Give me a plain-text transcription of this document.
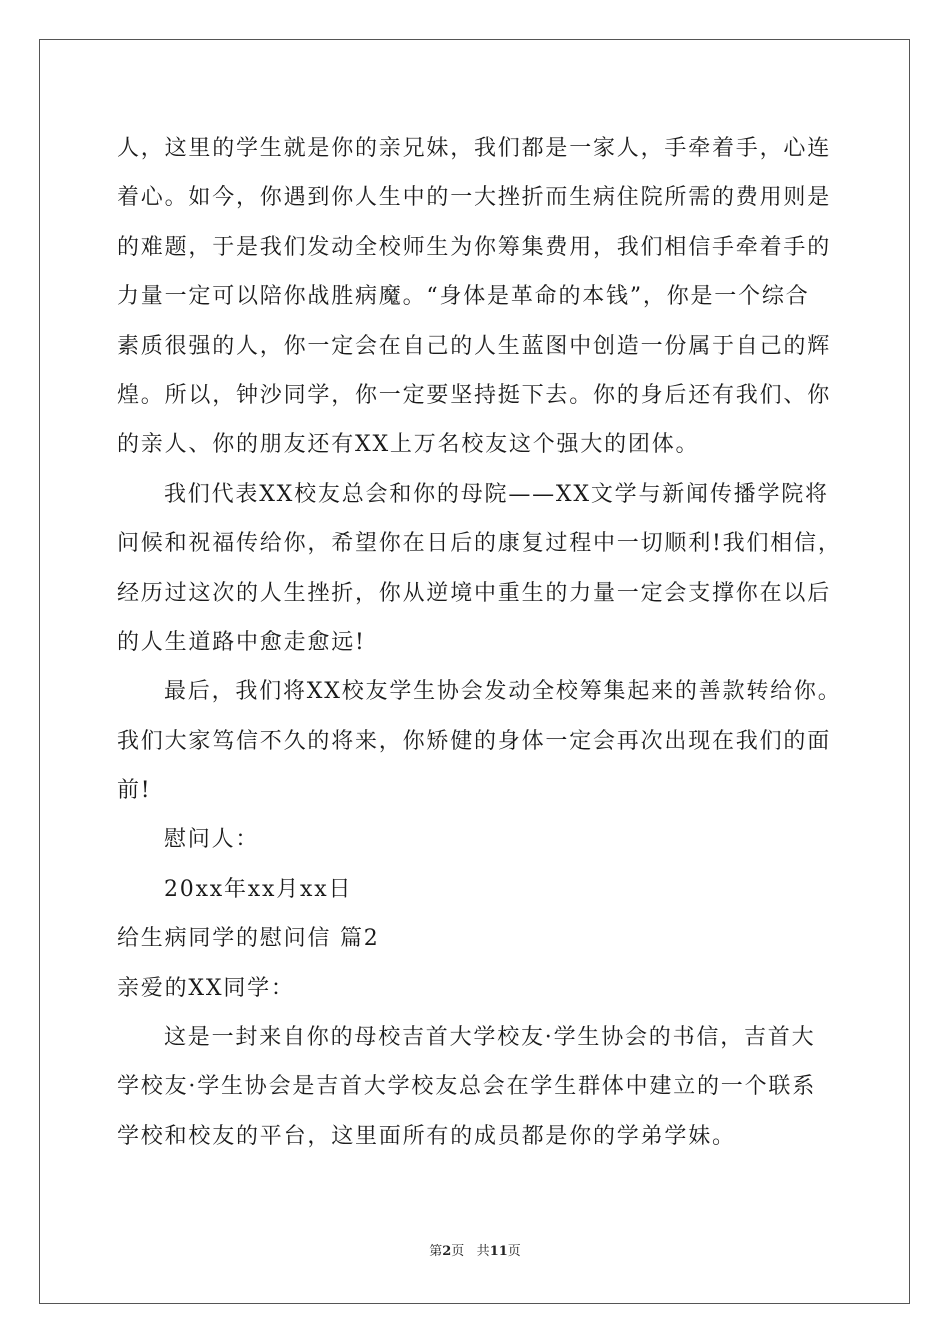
人，这里的学生就是你的亲兄妹，我们都是一家人，手牵着手，心连
着心。如今，你遇到你人生中的一大挫折而生病住院所需的费用则是
的难题，于是我们发动全校师生为你筹集费用，我们相信手牵着手的
力量一定可以陪你战胜病魔。“身体是革命的本钱”，你是一个综合
素质很强的人，你一定会在自己的人生蓝图中创造一份属于自己的辉
煌。所以，钟沙同学，你一定要坚持挺下去。你的身后还有我们、你
的亲人、你的朋友还有XX上万名校友这个强大的团体。
我们代表XX校友总会和你的母院——XX文学与新闻传播学院将
问候和祝福传给你，希望你在日后的康复过程中一切顺利!我们相信，
经历过这次的人生挫折，你从逆境中重生的力量一定会支撑你在以后
的人生道路中愈走愈远!
最后，我们将XX校友学生协会发动全校筹集起来的善款转给你。
我们大家笃信不久的将来，你矫健的身体一定会再次出现在我们的面
前!
慰问人：
20xx年xx月xx日
给生病同学的慰问信 篇2
亲爱的XX同学：
这是一封来自你的母校吉首大学校友·学生协会的书信，吉首大
学校友·学生协会是吉首大学校友总会在学生群体中建立的一个联系
学校和校友的平台，这里面所有的成员都是你的学弟学妹。
第2页 共11页
